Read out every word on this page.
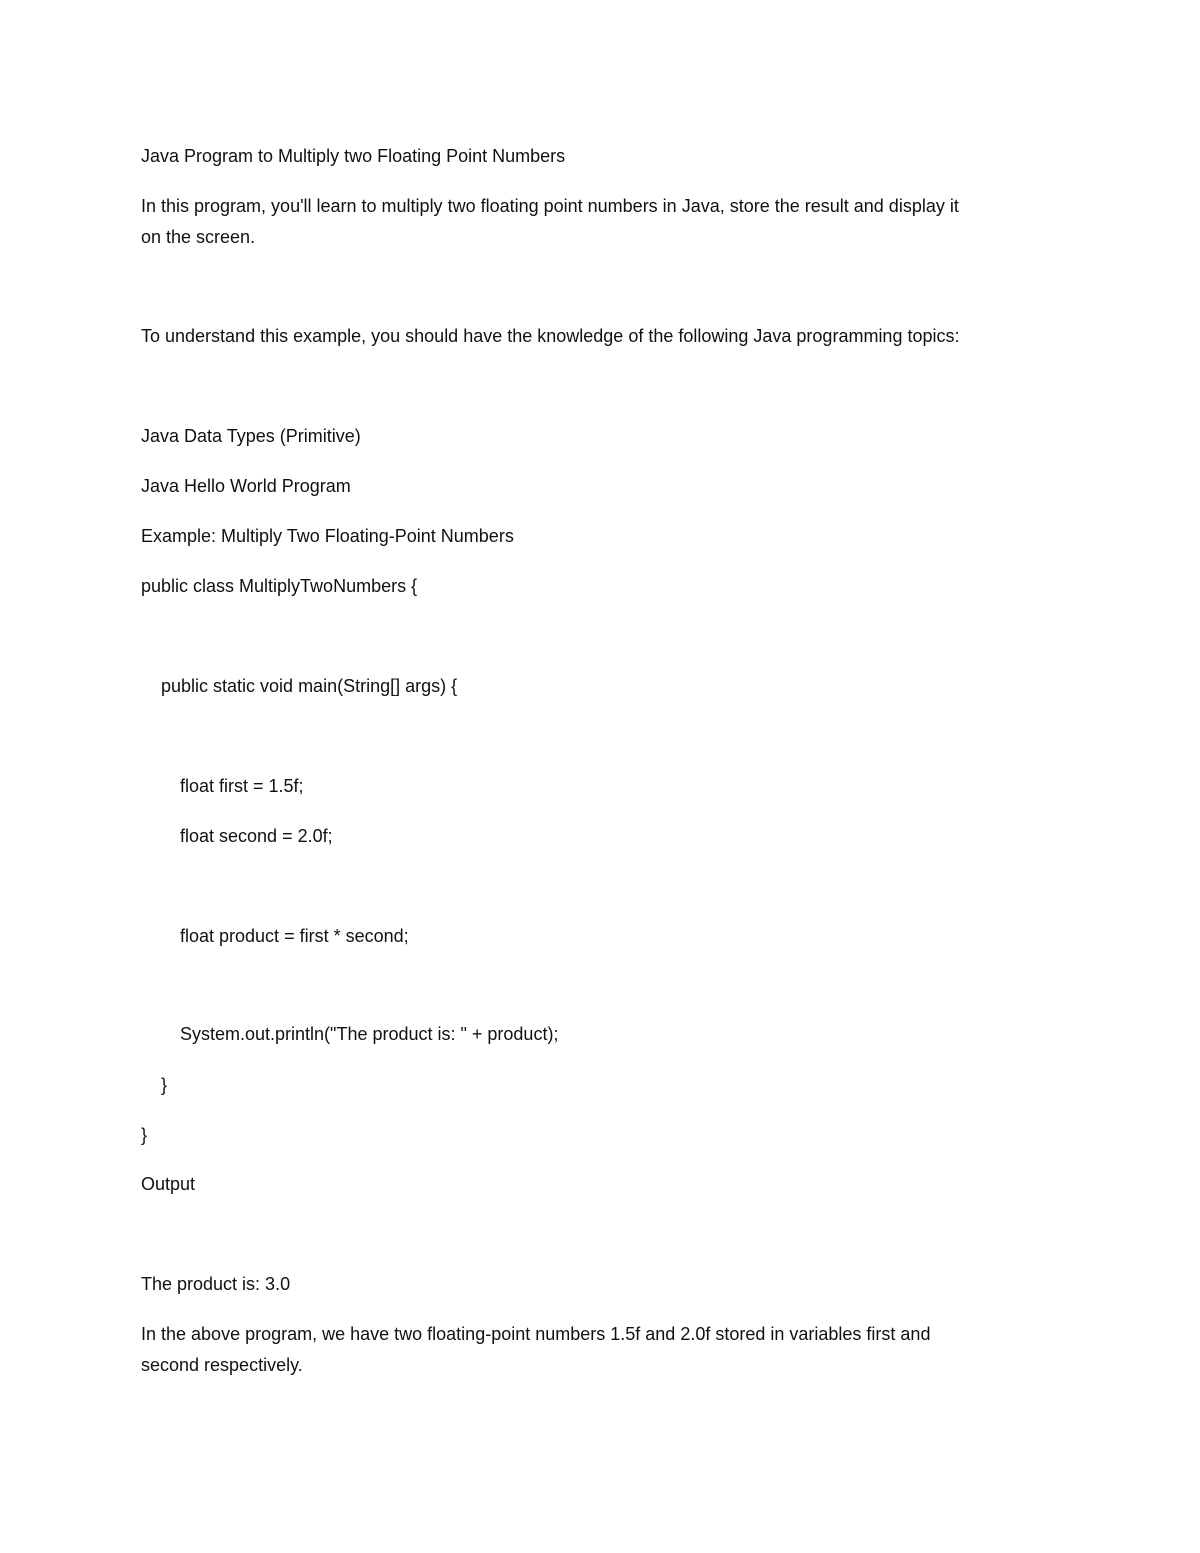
Java Program to Multiply two Floating Point Numbers
In this program, you'll learn to multiply two floating point numbers in Java, store the result and display it
on the screen.
To understand this example, you should have the knowledge of the following Java programming topics:
Java Data Types (Primitive)
Java Hello World Program
Example: Multiply Two Floating-Point Numbers
public class MultiplyTwoNumbers {
public static void main(String[] args) {
float first = 1.5f;
float second = 2.0f;
float product = first * second;
System.out.println("The product is: " + product);
}
}
Output
The product is: 3.0
In the above program, we have two floating-point numbers 1.5f and 2.0f stored in variables first and
second respectively.
